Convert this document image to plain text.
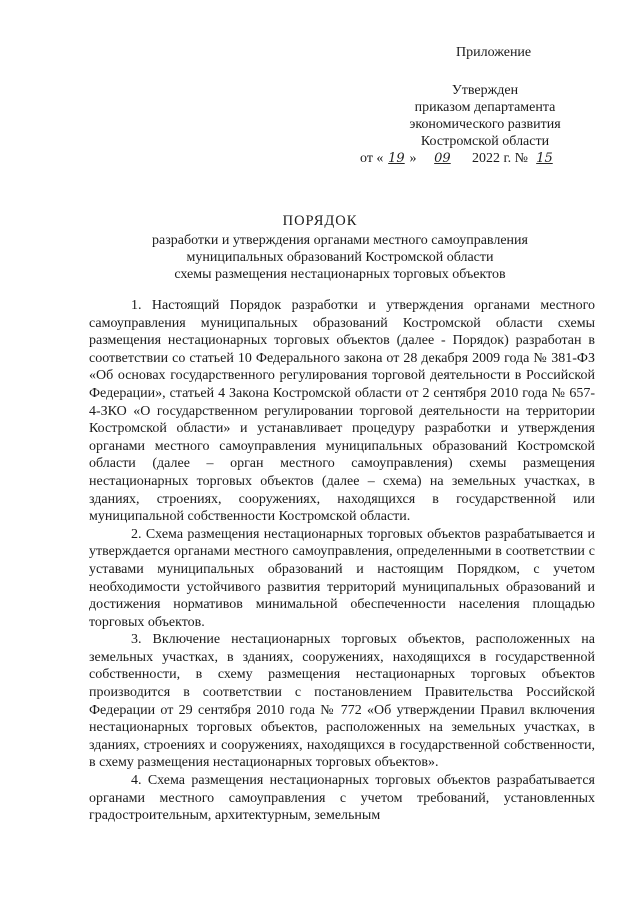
Приложение
Утвержден
приказом департамента
экономического развития
Костромской области
от « 19 » 09 2022 г. № 15
ПОРЯДОК
разработки и утверждения органами местного самоуправления
муниципальных образований Костромской области
схемы размещения нестационарных торговых объектов

1. Настоящий Порядок разработки и утверждения органами местного самоуправления муниципальных образований Костромской области схемы размещения нестационарных торговых объектов (далее - Порядок) разработан в соответствии со статьей 10 Федерального закона от 28 декабря 2009 года № 381-ФЗ «Об основах государственного регулирования торговой деятельности в Российской Федерации», статьей 4 Закона Костромской области от 2 сентября 2010 года № 657-4-ЗКО «О государственном регулировании торговой деятельности на территории Костромской области» и устанавливает процедуру разработки и утверждения органами местного самоуправления муниципальных образований Костромской области (далее – орган местного самоуправления) схемы размещения нестационарных торговых объектов (далее – схема) на земельных участках, в зданиях, строениях, сооружениях, находящихся в государственной или муниципальной собственности Костромской области.

2. Схема размещения нестационарных торговых объектов разрабатывается и утверждается органами местного самоуправления, определенными в соответствии с уставами муниципальных образований и настоящим Порядком, с учетом необходимости устойчивого развития территорий муниципальных образований и достижения нормативов минимальной обеспеченности населения площадью торговых объектов.

3. Включение нестационарных торговых объектов, расположенных на земельных участках, в зданиях, сооружениях, находящихся в государственной собственности, в схему размещения нестационарных торговых объектов производится в соответствии с постановлением Правительства Российской Федерации от 29 сентября 2010 года № 772 «Об утверждении Правил включения нестационарных торговых объектов, расположенных на земельных участках, в зданиях, строениях и сооружениях, находящихся в государственной собственности, в схему размещения нестационарных торговых объектов».

4. Схема размещения нестационарных торговых объектов разрабатывается органами местного самоуправления с учетом требований, установленных градостроительным, архитектурным, земельным
